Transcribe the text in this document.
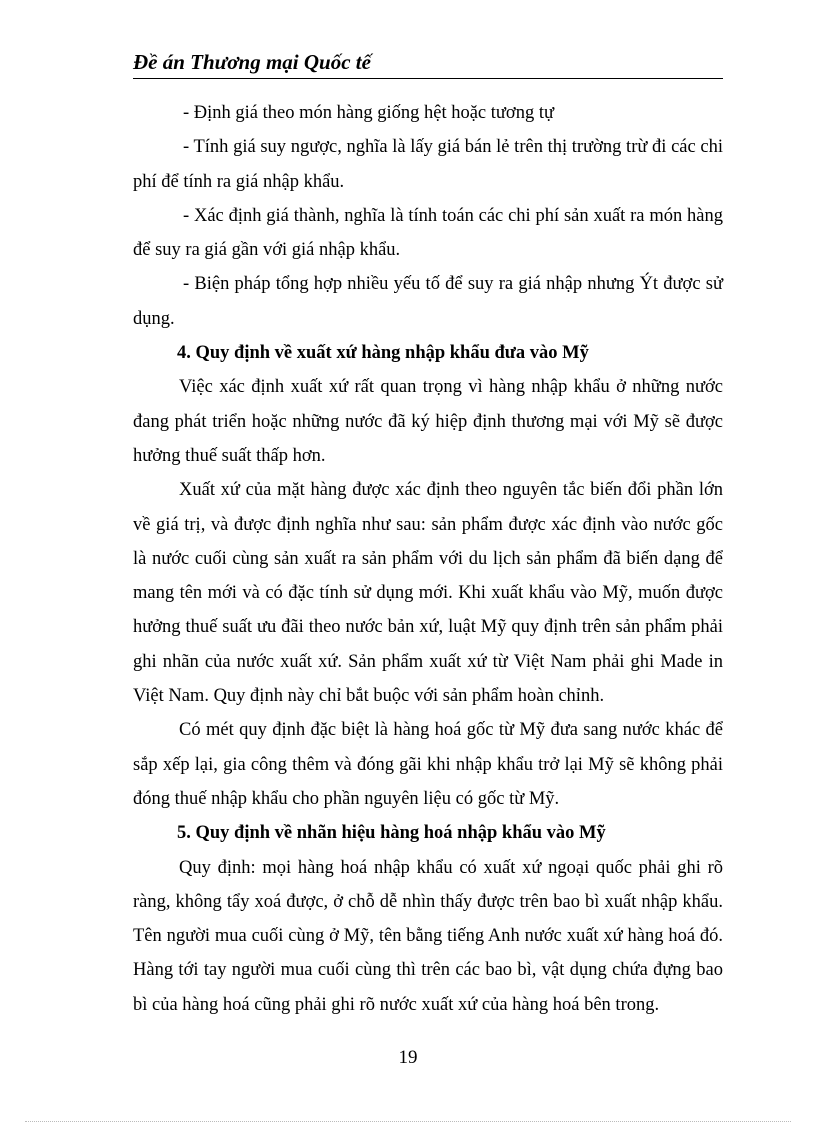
Đề án Thương mại Quốc tế

- Định giá theo món hàng giống hệt hoặc tương tự

- Tính giá suy ngược, nghĩa là lấy giá bán lẻ trên thị trường trừ đi các chi phí để tính ra giá nhập khẩu.

- Xác định giá thành, nghĩa là tính toán các chi phí sản xuất ra món hàng để suy ra giá gần với giá nhập khẩu.

- Biện pháp tổng hợp nhiều yếu tố để suy ra giá nhập nhưng Ýt được sử dụng.

4. Quy định về xuất xứ hàng nhập khẩu đưa vào Mỹ

Việc xác định xuất xứ rất quan trọng vì hàng nhập khẩu ở những nước đang phát triển hoặc những nước đã ký hiệp định thương mại với Mỹ sẽ được hưởng thuế suất thấp hơn.

Xuất xứ của mặt hàng được xác định theo nguyên tắc biến đổi phần lớn về giá trị, và được định nghĩa như sau: sản phẩm được xác định vào nước gốc là nước cuối cùng sản xuất ra sản phẩm với du lịch sản phẩm đã biến dạng để mang tên mới và có đặc tính sử dụng mới. Khi xuất khẩu vào Mỹ, muốn được hưởng thuế suất ưu đãi theo nước bản xứ, luật Mỹ quy định trên sản phẩm phải ghi nhãn của nước xuất xứ. Sản phẩm xuất xứ từ Việt Nam phải ghi Made in Việt Nam. Quy định này chỉ bắt buộc với sản phẩm hoàn chỉnh.

Có mét quy định đặc biệt là hàng hoá gốc từ Mỹ đưa sang nước khác để sắp xếp lại, gia công thêm và đóng gãi khi nhập khẩu trở lại Mỹ sẽ không phải đóng thuế nhập khẩu cho phần nguyên liệu có gốc từ Mỹ.

5. Quy định về nhãn hiệu hàng hoá nhập khẩu vào Mỹ

Quy định: mọi hàng hoá nhập khẩu có xuất xứ ngoại quốc phải ghi rõ ràng, không tẩy xoá được, ở chỗ dễ nhìn thấy được trên bao bì xuất nhập khẩu. Tên người mua cuối cùng ở Mỹ, tên bằng tiếng Anh nước xuất xứ hàng hoá đó. Hàng tới tay người mua cuối cùng thì trên các bao bì, vật dụng chứa đựng bao bì của hàng hoá cũng phải ghi rõ nước xuất xứ của hàng hoá bên trong.

19
